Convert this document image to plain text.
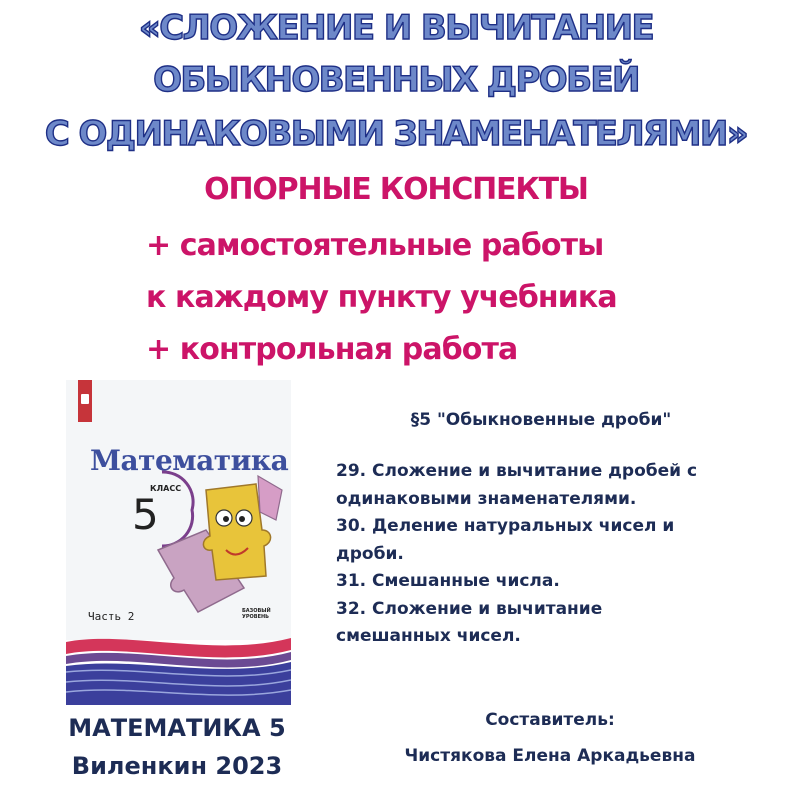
«СЛОЖЕНИЕ И ВЫЧИТАНИЕ
ОБЫКНОВЕННЫХ ДРОБЕЙ
С ОДИНАКОВЫМИ ЗНАМЕНАТЕЛЯМИ»
ОПОРНЫЕ КОНСПЕКТЫ
+ самостоятельные работы
к каждому пункту учебника
+ контрольная работа
Математика
КЛАСС
5
Часть 2	БАЗОВЫЙ
УРОВЕНЬ

§5 "Обыкновенные дроби"

29. Сложение и вычитание дробей с
одинаковыми знаменателями.
30. Деление натуральных чисел и
дроби.
31. Смешанные числа.
32. Сложение и вычитание
смешанных чисел.

МАТЕМАТИКА 5

Виленкин 2023

Составитель:

Чистякова Елена Аркадьевна
